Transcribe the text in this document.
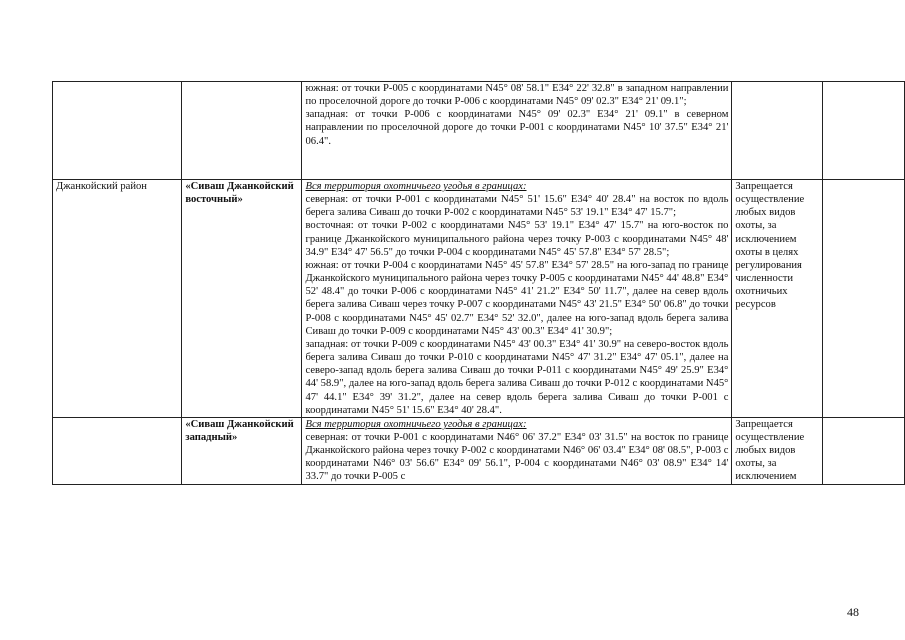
		южная: от точки P-005 с координатами N45° 08' 58.1" E34° 22' 32.8" в западном направлении по проселочной дороге до точки P-006 с координатами N45° 09' 02.3" E34° 21' 09.1";
западная: от точки P-006 с координатами N45° 09' 02.3" E34° 21' 09.1" в северном направлении по проселочной дороге до точки P-001 с координатами N45° 10' 37.5" E34° 21' 06.4".		

Джанкойский район	«Сиваш Джанкойский восточный»	Вся территория охотничьего угодья в границах:
северная: от точки P-001 с координатами N45° 51' 15.6" E34° 40' 28.4" на восток по вдоль берега залива Сиваш до точки P-002 с координатами N45° 53' 19.1" E34° 47' 15.7";
восточная: от точки P-002 с координатами N45° 53' 19.1" E34° 47' 15.7" на юго-восток по границе Джанкойского муниципального района через точку P-003 с координатами N45° 48' 34.9" E34° 47' 56.5" до точки P-004 с координатами N45° 45' 57.8" E34° 57' 28.5";
южная: от точки P-004 с координатами N45° 45' 57.8" E34° 57' 28.5" на юго-запад по границе Джанкойского муниципального района через точку P-005 с координатами N45° 44' 48.8" E34° 52' 48.4" до точки P-006 с координатами N45° 41' 21.2" E34° 50' 11.7", далее на север вдоль берега залива Сиваш через точку P-007 с координатами N45° 43' 21.5" E34° 50' 06.8" до точки P-008 с координатами N45° 45' 02.7" E34° 52' 32.0", далее на юго-запад вдоль берега залива Сиваш до точки P-009 с координатами N45° 43' 00.3" E34° 41' 30.9";
западная: от точки P-009 с координатами N45° 43' 00.3" E34° 41' 30.9" на северо-восток вдоль берега залива Сиваш до точки P-010 с координатами N45° 47' 31.2" E34° 47' 05.1", далее на северо-запад вдоль берега залива Сиваш до точки P-011 с координатами N45° 49' 25.9" E34° 44' 58.9", далее на юго-запад вдоль берега залива Сиваш до точки P-012 с координатами N45° 47' 44.1" E34° 39' 31.2", далее на север вдоль берега залива Сиваш до точки P-001 с координатами N45° 51' 15.6" E34° 40' 28.4".	Запрещается осуществление любых видов охоты, за исключением охоты в целях регулирования численности охотничьих ресурсов	
	«Сиваш Джанкойский западный»	Вся территория охотничьего угодья в границах:
северная: от точки P-001 с координатами N46° 06' 37.2" E34° 03' 31.5" на восток по границе Джанкойского района через точку P-002 с координатами N46° 06' 03.4" E34° 08' 08.5", P-003 с координатами N46° 03' 56.6" E34° 09' 56.1", P-004 с координатами N46° 03' 08.9" E34° 14' 33.7" до точки P-005 с	Запрещается осуществление любых видов охоты, за исключением	
48
